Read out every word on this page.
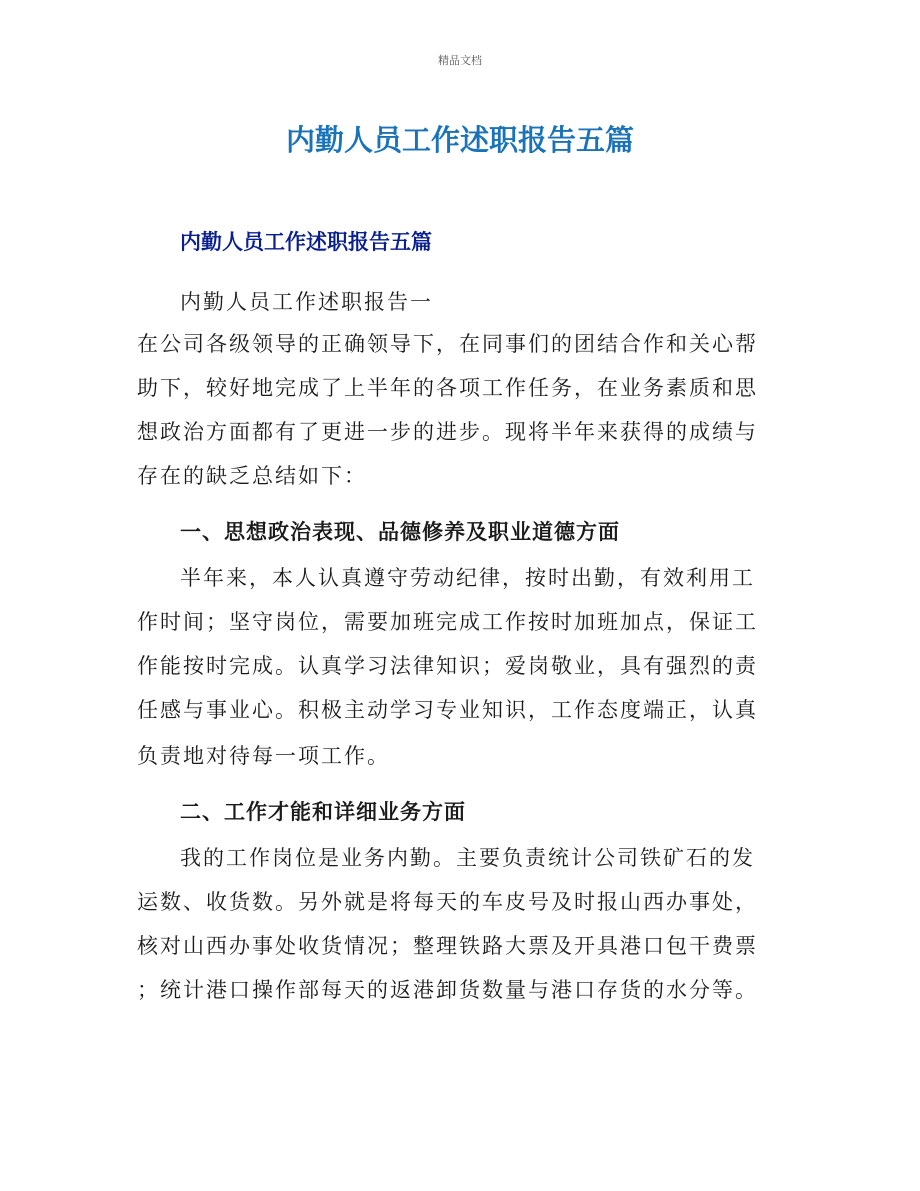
精品文档
内勤人员工作述职报告五篇
内勤人员工作述职报告五篇
内勤人员工作述职报告一
在公司各级领导的正确领导下，在同事们的团结合作和关心帮
助下，较好地完成了上半年的各项工作任务，在业务素质和思
想政治方面都有了更进一步的进步。现将半年来获得的成绩与
存在的缺乏总结如下：
一、思想政治表现、品德修养及职业道德方面
半年来，本人认真遵守劳动纪律，按时出勤，有效利用工
作时间；坚守岗位，需要加班完成工作按时加班加点，保证工
作能按时完成。认真学习法律知识；爱岗敬业，具有强烈的责
任感与事业心。积极主动学习专业知识，工作态度端正，认真
负责地对待每一项工作。
二、工作才能和详细业务方面
我的工作岗位是业务内勤。主要负责统计公司铁矿石的发
运数、收货数。另外就是将每天的车皮号及时报山西办事处，
核对山西办事处收货情况；整理铁路大票及开具港口包干费票
；统计港口操作部每天的返港卸货数量与港口存货的水分等。
